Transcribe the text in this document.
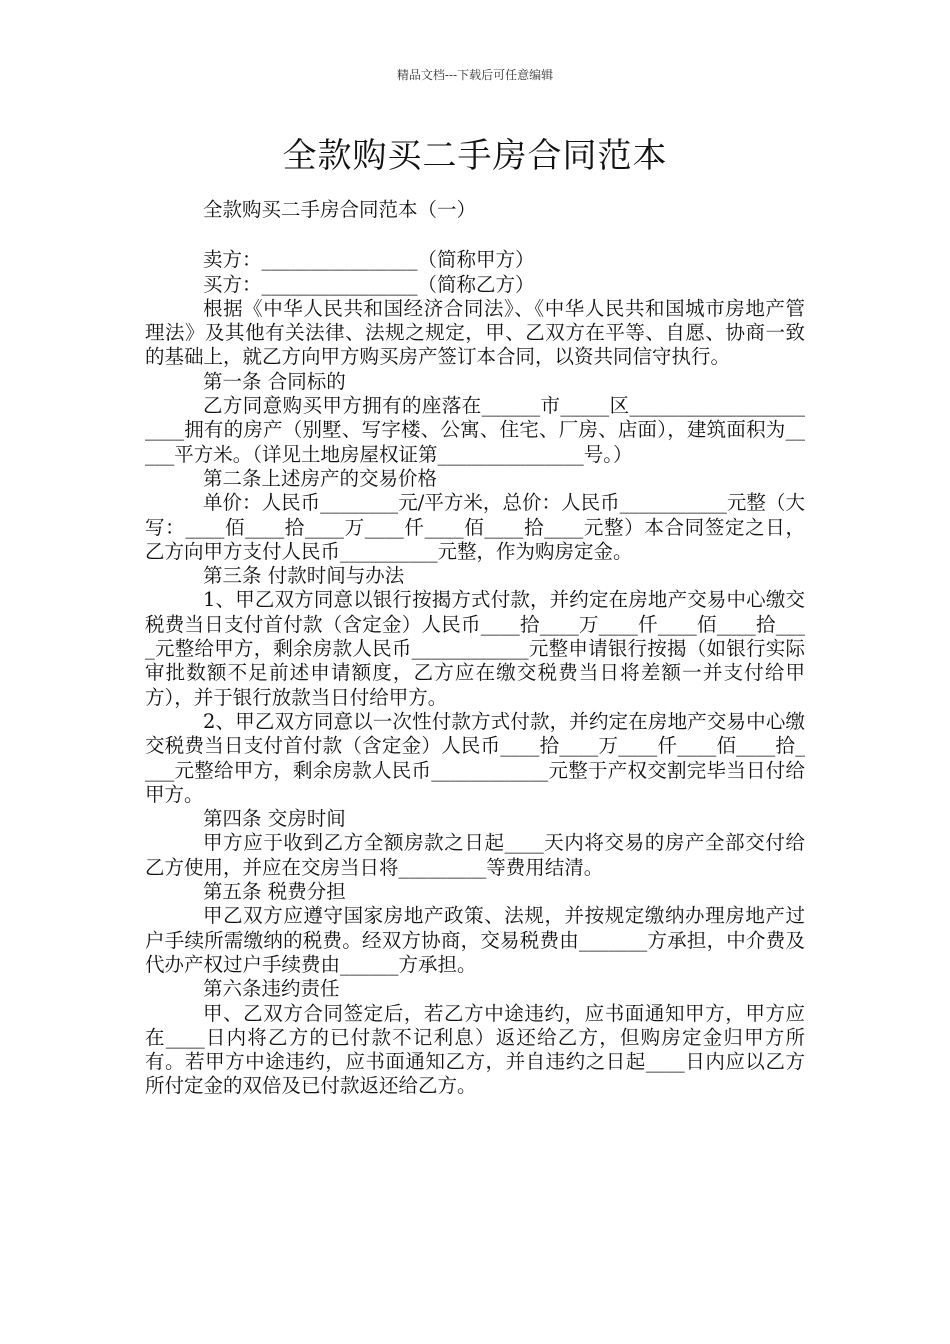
精品文档---下载后可任意编辑
全款购买二手房合同范本

全款购买二手房合同范本（一）

卖方：________________（简称甲方）

买方：________________（简称乙方）

根据《中华人民共和国经济合同法》、《中华人民共和国城市房地产管理法》及其他有关法律、法规之规定，甲、乙双方在平等、自愿、协商一致的基础上，就乙方向甲方购买房产签订本合同，以资共同信守执行。

第一条 合同标的

乙方同意购买甲方拥有的座落在______市_____区______________________拥有的房产（别墅、写字楼、公寓、住宅、厂房、店面），建筑面积为_____平方米。（详见土地房屋权证第_______________号。）

第二条上述房产的交易价格

单价：人民币________元/平方米，总价：人民币___________元整（大写：____佰____拾____万____仟____佰____拾____元整）本合同签定之日，乙方向甲方支付人民币__________元整，作为购房定金。

第三条 付款时间与办法

1、甲乙双方同意以银行按揭方式付款，并约定在房地产交易中心缴交税费当日支付首付款（含定金）人民币____拾____万____仟____佰____拾____元整给甲方，剩余房款人民币____________元整申请银行按揭（如银行实际审批数额不足前述申请额度，乙方应在缴交税费当日将差额一并支付给甲方），并于银行放款当日付给甲方。

2、甲乙双方同意以一次性付款方式付款，并约定在房地产交易中心缴交税费当日支付首付款（含定金）人民币____拾____万____仟____佰____拾____元整给甲方，剩余房款人民币____________元整于产权交割完毕当日付给甲方。

第四条 交房时间

甲方应于收到乙方全额房款之日起____天内将交易的房产全部交付给乙方使用，并应在交房当日将_________等费用结清。

第五条 税费分担

甲乙双方应遵守国家房地产政策、法规，并按规定缴纳办理房地产过户手续所需缴纳的税费。经双方协商，交易税费由_______方承担，中介费及代办产权过户手续费由______方承担。

第六条违约责任

甲、乙双方合同签定后，若乙方中途违约，应书面通知甲方，甲方应在____日内将乙方的已付款不记利息）返还给乙方，但购房定金归甲方所有。若甲方中途违约，应书面通知乙方，并自违约之日起____日内应以乙方所付定金的双倍及已付款返还给乙方。
